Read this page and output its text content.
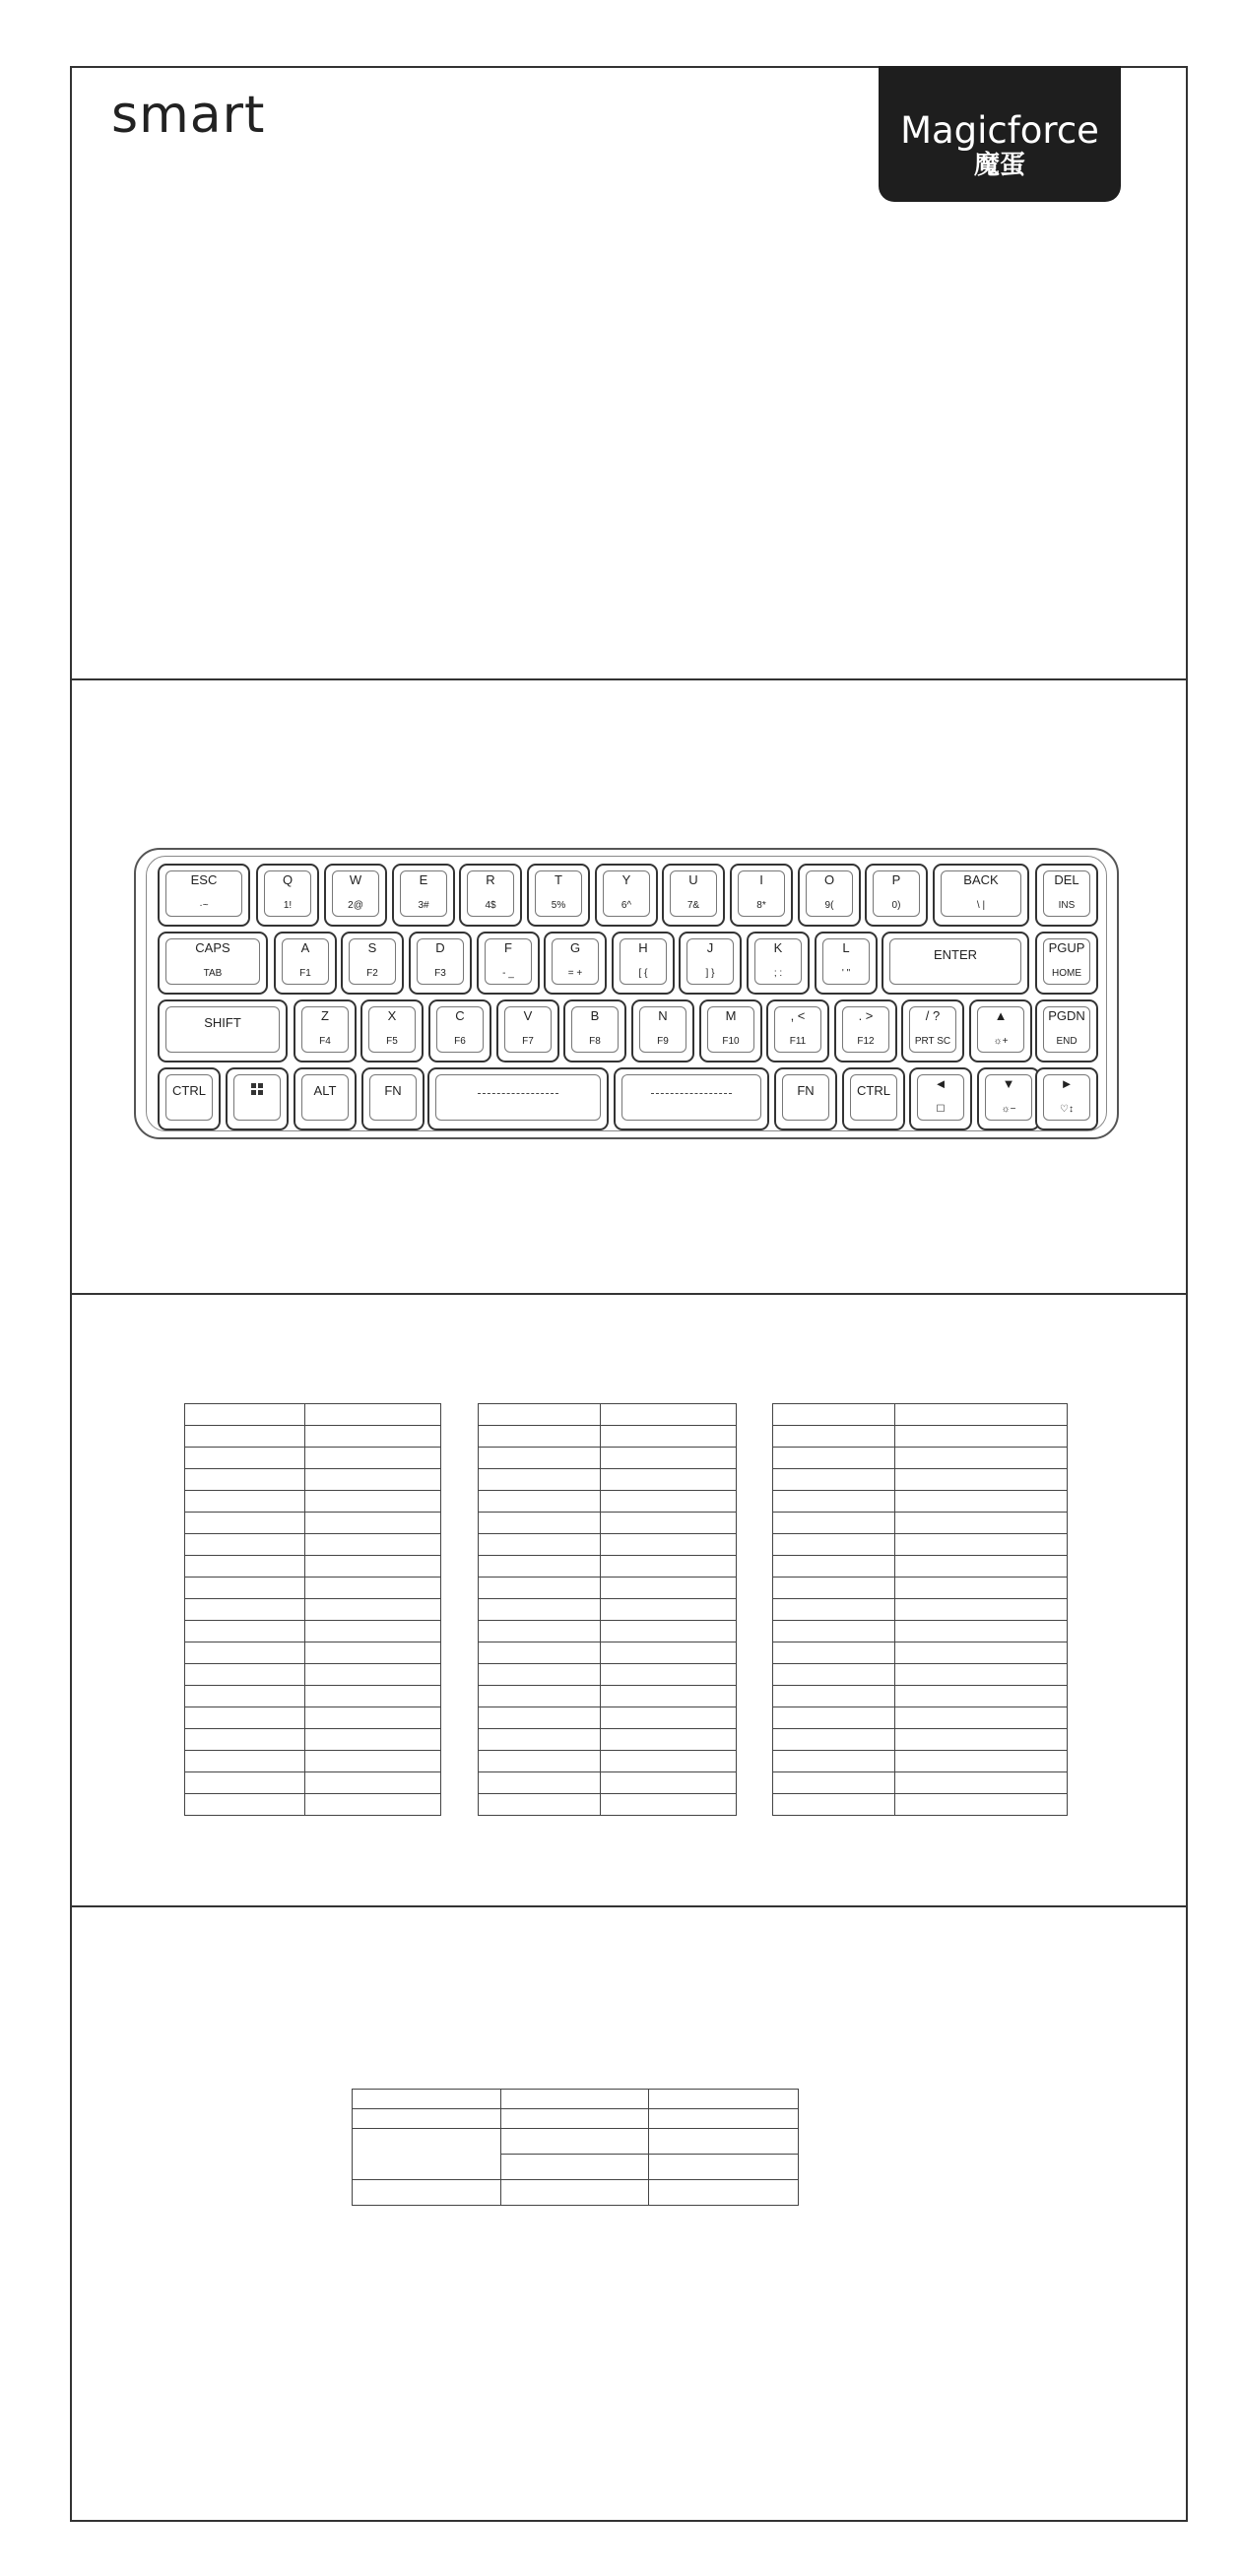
smart	Magicforce
魔蛋
ESC
·~
Q
1!
W
2@
E
3#
R
4$
T
5%
Y
6^
U
7&
I
8*
O
9(
P
0)
BACK
\ |
DEL
INS
CAPS
TAB
A
F1
S
F2
D
F3
F
- _
G
= +
H
[ {
J
] }
K
; :
L
' "
ENTER	PGUP
HOME
SHIFT	Z
F4
X
F5
C
F6
V
F7
B
F8
N
F9
M
F10
, <
F11
. >
F12
/ ?
PRT SC
▲
☼+
PGDN
END
CTRL	ALT	FN	FN	CTRL	◄
☐
▼
☼−
►
♡↕
